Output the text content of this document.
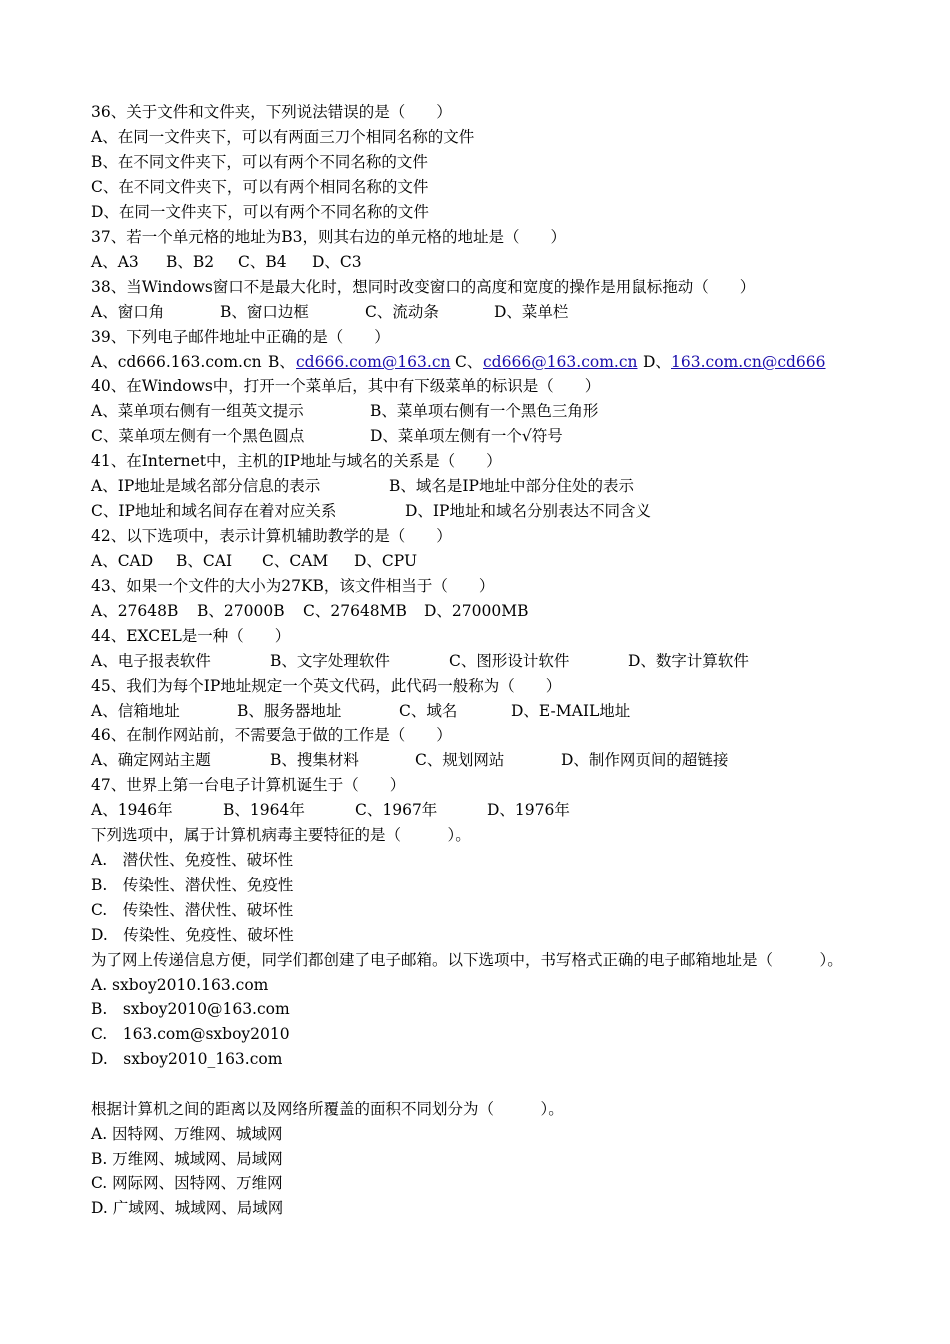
36、关于文件和文件夹，下列说法错误的是（　　）
A、在同一文件夹下，可以有两面三刀个相同名称的文件
B、在不同文件夹下，可以有两个不同名称的文件
C、在不同文件夹下，可以有两个相同名称的文件
D、在同一文件夹下，可以有两个不同名称的文件
37、若一个单元格的地址为B3，则其右边的单元格的地址是（　　）
A、A3 B、B2 C、B4 D、C3
38、当Windows窗口不是最大化时，想同时改变窗口的高度和宽度的操作是用鼠标拖动（　　）
A、窗口角	B、窗口边框	C、流动条	D、菜单栏
39、下列电子邮件地址中正确的是（　　）
A、cd666.163.com.cn B、cd666.com@163.cn C、cd666@163.com.cn D、163.com.cn@cd666
40、在Windows中，打开一个菜单后，其中有下级菜单的标识是（　　）
A、菜单项右侧有一组英文提示	B、菜单项右侧有一个黑色三角形
C、菜单项左侧有一个黑色圆点	D、菜单项左侧有一个√符号
41、在Internet中，主机的IP地址与域名的关系是（　　）
A、IP地址是域名部分信息的表示	B、域名是IP地址中部分住处的表示
C、IP地址和域名间存在着对应关系	D、IP地址和域名分别表达不同含义
42、以下选项中，表示计算机辅助教学的是（　　）
A、CAD B、CAI C、CAM D、CPU
43、如果一个文件的大小为27KB，该文件相当于（　　）
A、27648B B、27000B C、27648MB D、27000MB
44、EXCEL是一种（　　）
A、电子报表软件	B、文字处理软件	C、图形设计软件	D、数字计算软件
45、我们为每个IP地址规定一个英文代码，此代码一般称为（　　）
A、信箱地址	B、服务器地址	C、域名	D、E-MAIL地址
46、在制作网站前，不需要急于做的工作是（　　）
A、确定网站主题	B、搜集材料	C、规划网站	D、制作网页间的超链接
47、世界上第一台电子计算机诞生于（　　）
A、1946年	B、1964年	C、1967年	D、1976年
下列选项中，属于计算机病毒主要特征的是（　　　）。
A.　潜伏性、免疫性、破坏性
B.　传染性、潜伏性、免疫性
C.　传染性、潜伏性、破坏性
D.　传染性、免疫性、破坏性
为了网上传递信息方便，同学们都创建了电子邮箱。以下选项中，书写格式正确的电子邮箱地址是（　　　）。
A. sxboy2010.163.com
B.　sxboy2010@163.com
C.　163.com@sxboy2010
D.　sxboy2010_163.com
根据计算机之间的距离以及网络所覆盖的面积不同划分为（　　　）。
A. 因特网、万维网、城域网
B. 万维网、城域网、局域网
C. 网际网、因特网、万维网
D. 广域网、城域网、局域网
